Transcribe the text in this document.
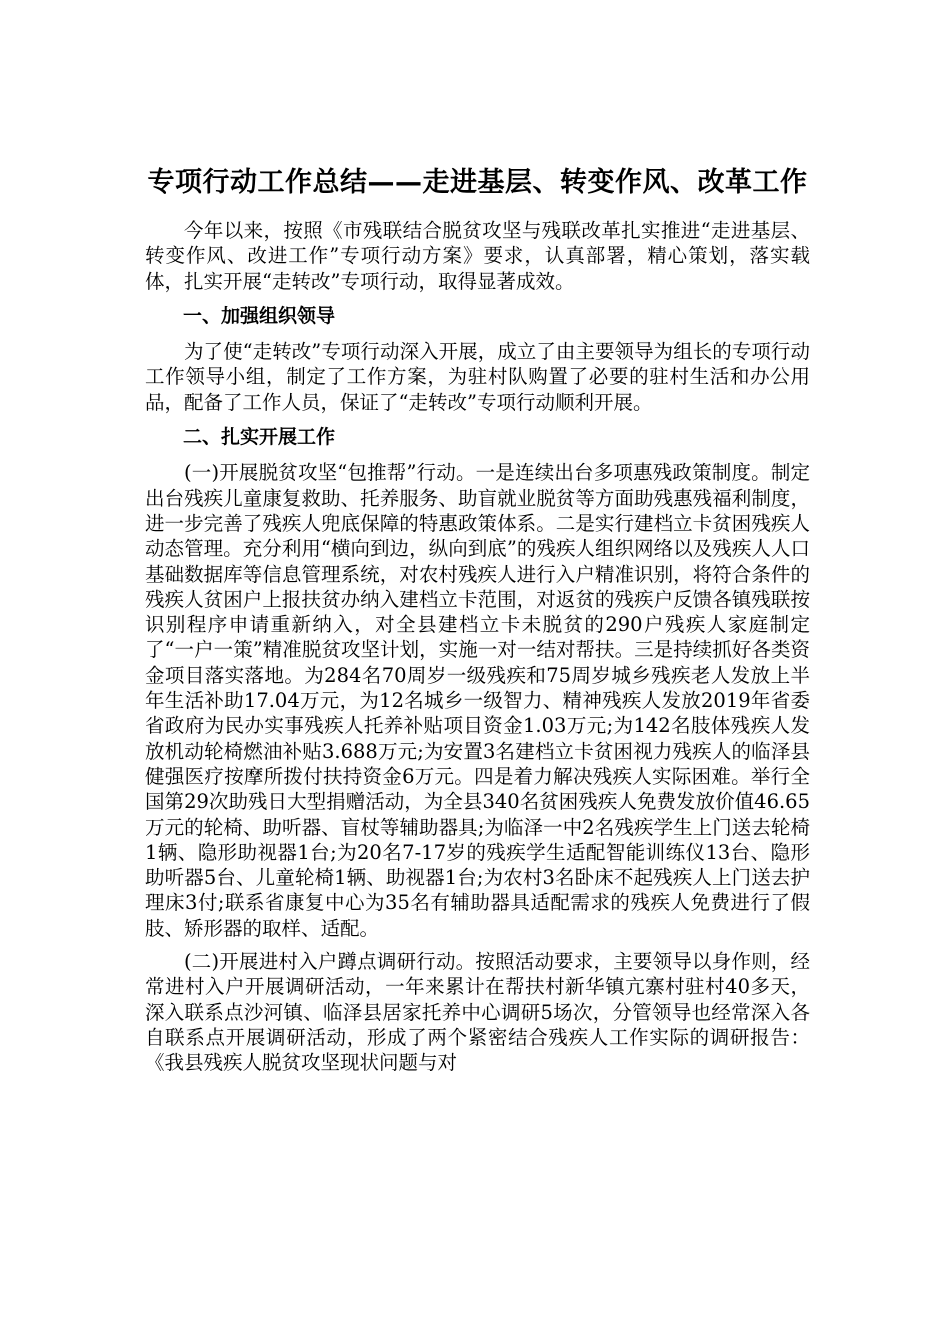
专项行动工作总结——走进基层、转变作风、改革工作

今年以来，按照《市残联结合脱贫攻坚与残联改革扎实推进“走进基层、转变作风、改进工作”专项行动方案》要求，认真部署，精心策划，落实载体，扎实开展“走转改”专项行动，取得显著成效。

一、加强组织领导

为了使“走转改”专项行动深入开展，成立了由主要领导为组长的专项行动工作领导小组，制定了工作方案，为驻村队购置了必要的驻村生活和办公用品，配备了工作人员，保证了“走转改”专项行动顺利开展。

二、扎实开展工作

(一)开展脱贫攻坚“包推帮”行动。一是连续出台多项惠残政策制度。制定出台残疾儿童康复救助、托养服务、助盲就业脱贫等方面助残惠残福利制度，进一步完善了残疾人兜底保障的特惠政策体系。二是实行建档立卡贫困残疾人动态管理。充分利用“横向到边，纵向到底”的残疾人组织网络以及残疾人人口基础数据库等信息管理系统，对农村残疾人进行入户精准识别，将符合条件的残疾人贫困户上报扶贫办纳入建档立卡范围，对返贫的残疾户反馈各镇残联按识别程序申请重新纳入，对全县建档立卡未脱贫的290户残疾人家庭制定了“一户一策”精准脱贫攻坚计划，实施一对一结对帮扶。三是持续抓好各类资金项目落实落地。为284名70周岁一级残疾和75周岁城乡残疾老人发放上半年生活补助17.04万元，为12名城乡一级智力、精神残疾人发放2019年省委省政府为民办实事残疾人托养补贴项目资金1.03万元;为142名肢体残疾人发放机动轮椅燃油补贴3.688万元;为安置3名建档立卡贫困视力残疾人的临泽县健强医疗按摩所拨付扶持资金6万元。四是着力解决残疾人实际困难。举行全国第29次助残日大型捐赠活动，为全县340名贫困残疾人免费发放价值46.65万元的轮椅、助听器、盲杖等辅助器具;为临泽一中2名残疾学生上门送去轮椅1辆、隐形助视器1台;为20名7-17岁的残疾学生适配智能训练仪13台、隐形助听器5台、儿童轮椅1辆、助视器1台;为农村3名卧床不起残疾人上门送去护理床3付;联系省康复中心为35名有辅助器具适配需求的残疾人免费进行了假肢、矫形器的取样、适配。

(二)开展进村入户蹲点调研行动。按照活动要求，主要领导以身作则，经常进村入户开展调研活动，一年来累计在帮扶村新华镇亢寨村驻村40多天，深入联系点沙河镇、临泽县居家托养中心调研5场次，分管领导也经常深入各自联系点开展调研活动，形成了两个紧密结合残疾人工作实际的调研报告：《我县残疾人脱贫攻坚现状问题与对
